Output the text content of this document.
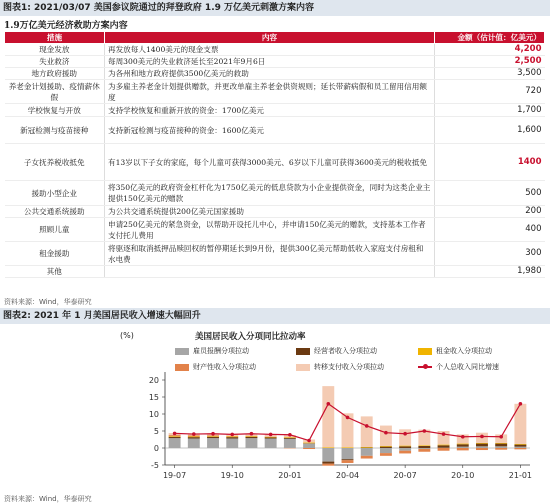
图表1: 2021/03/07 美国参议院通过的拜登政府 1.9 万亿美元刺激方案内容
1.9万亿美元经济救助方案内容
措施	内容	金额（估计值：亿美元）
现金发放	再发放每人1400美元的现金支票	4,200
失业救济	每周300美元的失业救济延长至2021年9月6日	2,500
地方政府援助	为各州和地方政府提供3500亿美元的救助	3,500
养老金计划援助、疫情薪休假	为多雇主养老金计划提供赠款，并更改单雇主养老金供资规则；延长带薪病假和员工留用信用额度	720
学校恢复与开放	支持学校恢复和重新开放的资金：1700亿美元	1,700
新冠检测与疫苗接种	支持新冠检测与疫苗接种的资金：1600亿美元	1,600
子女抚养税收抵免	有13岁以下子女的家庭，每个儿童可获得3000美元、6岁以下儿童可获得3600美元的税收抵免	1400
援助小型企业	将350亿美元的政府资金杠杆化为1750亿美元的低息贷款为小企业提供资金，同时为这类企业主提供150亿美元的赠款	500
公共交通系统援助	为公共交通系统提供200亿美元国家援助	200
照顾儿童	申请250亿美元的紧急资金，以帮助开设托儿中心，并申请150亿美元的赠款，支持基本工作者支付托儿费用	400
租金援助	将驱逐和取消抵押品赎回权的暂停期延长到9月份，提供300亿美元帮助低收入家庭支付房租和水电费	300
其他		1,980
资料来源：Wind，华泰研究
图表2: 2021 年 1 月美国居民收入增速大幅回升
(%)	美国居民收入分项同比拉动率
雇员报酬分项拉动	经营者收入分项拉动	租金收入分项拉动
财产性收入分项拉动	转移支付收入分项拉动	个人总收入同比增速
-5
0
5
10
15
20
19-07	19-10	20-01	20-04	20-07	20-10	21-01
资料来源：Wind，华泰研究
